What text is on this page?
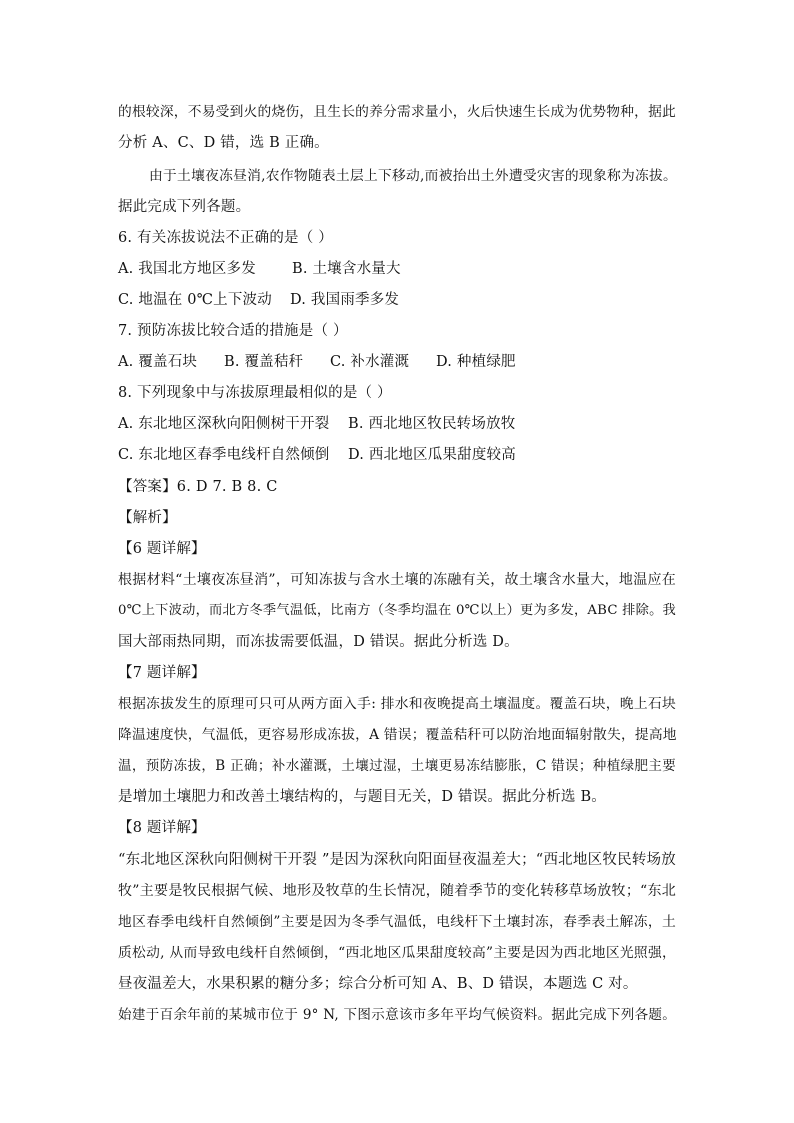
的根较深，不易受到火的烧伤，且生长的养分需求量小，火后快速生长成为优势物种，据此
分析 A、C、D 错，选 B 正确。
由于土壤夜冻昼消,农作物随表土层上下移动,而被抬出土外遭受灾害的现象称为冻拔。
据此完成下列各题。
6. 有关冻拔说法不正确的是（ ）
A. 我国北方地区多发 B. 土壤含水量大
C. 地温在 0℃上下波动 D. 我国雨季多发
7. 预防冻拔比较合适的措施是（ ）
A. 覆盖石块 B. 覆盖秸秆 C. 补水灌溉 D. 种植绿肥
8. 下列现象中与冻拔原理最相似的是（ ）
A. 东北地区深秋向阳侧树干开裂 B. 西北地区牧民转场放牧
C. 东北地区春季电线杆自然倾倒 D. 西北地区瓜果甜度较高
【答案】6. D 7. B 8. C
【解析】
【6 题详解】
根据材料“土壤夜冻昼消”，可知冻拔与含水土壤的冻融有关，故土壤含水量大，地温应在
0℃上下波动，而北方冬季气温低，比南方（冬季均温在 0℃以上）更为多发，ABC 排除。我
国大部雨热同期，而冻拔需要低温，D 错误。据此分析选 D。
【7 题详解】
根据冻拔发生的原理可只可从两方面入手: 排水和夜晚提高土壤温度。覆盖石块，晚上石块
降温速度快，气温低，更容易形成冻拔，A 错误；覆盖秸秆可以防治地面辐射散失，提高地
温，预防冻拔，B 正确；补水灌溉，土壤过湿，土壤更易冻结膨胀，C 错误；种植绿肥主要
是增加土壤肥力和改善土壤结构的，与题目无关，D 错误。据此分析选 B。
【8 题详解】
“东北地区深秋向阳侧树干开裂 ”是因为深秋向阳面昼夜温差大；“西北地区牧民转场放
牧”主要是牧民根据气候、地形及牧草的生长情况，随着季节的变化转移草场放牧；“东北
地区春季电线杆自然倾倒”主要是因为冬季气温低，电线杆下土壤封冻，春季表土解冻，土
质松动, 从而导致电线杆自然倾倒，“西北地区瓜果甜度较高”主要是因为西北地区光照强，
昼夜温差大，水果积累的糖分多；综合分析可知 A、B、D 错误，本题选 C 对。
始建于百余年前的某城市位于 9° N, 下图示意该市多年平均气候资料。据此完成下列各题。
